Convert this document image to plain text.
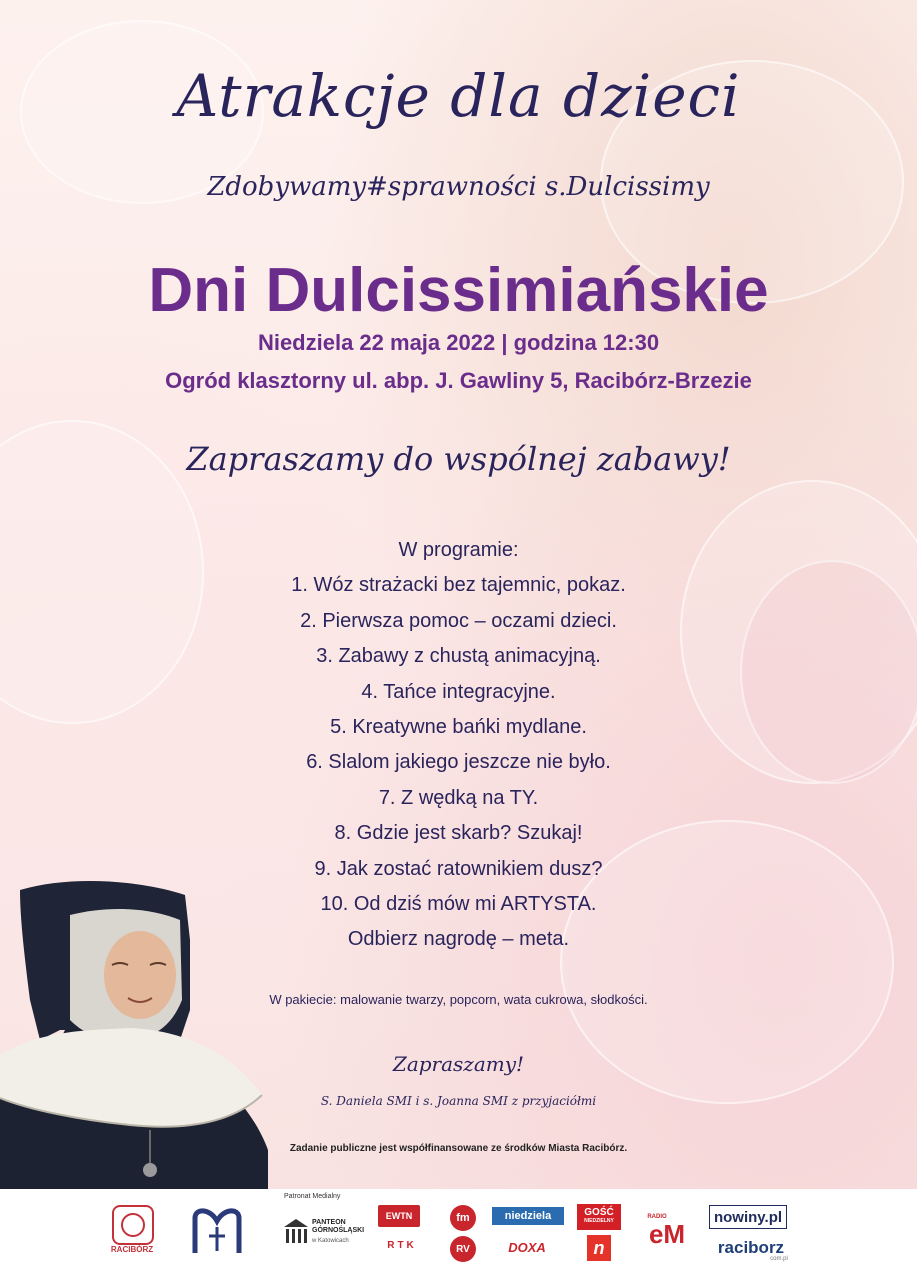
Atrakcje dla dzieci
Zdobywamy#sprawności s.Dulcissimy
Dni Dulcissimiańskie
Niedziela 22 maja 2022 | godzina 12:30
Ogród klasztorny ul. abp. J. Gawliny 5, Racibórz-Brzezie
Zapraszamy do wspólnej zabawy!
W programie:
1. Wóz strażacki bez tajemnic, pokaz.
2. Pierwsza pomoc – oczami dzieci.
3. Zabawy z chustą animacyjną.
4. Tańce integracyjne.
5. Kreatywne bańki mydlane.
6. Slalom jakiego jeszcze nie było.
7. Z wędką na TY.
8. Gdzie jest skarb? Szukaj!
9. Jak zostać ratownikiem dusz?
10. Od dziś mów mi ARTYSTA.
Odbierz nagrodę – meta.
W pakiecie: malowanie twarzy, popcorn, wata cukrowa, słodkości.
Zapraszamy!
S. Daniela SMI i s. Joanna SMI z przyjaciółmi
Zadanie publiczne jest współfinansowane ze środków Miasta Racibórz.
Patronat Medialny
RACIBÓRZ
PANTEON GÓRNOŚLĄSKI
w Katowicach
EWTN
RTK
fm
RV
niedziela
DOXA
GOŚĆ
NIEDZIELNY
n
RADIO
eM
nowiny.pl
raciborz
com.pl
